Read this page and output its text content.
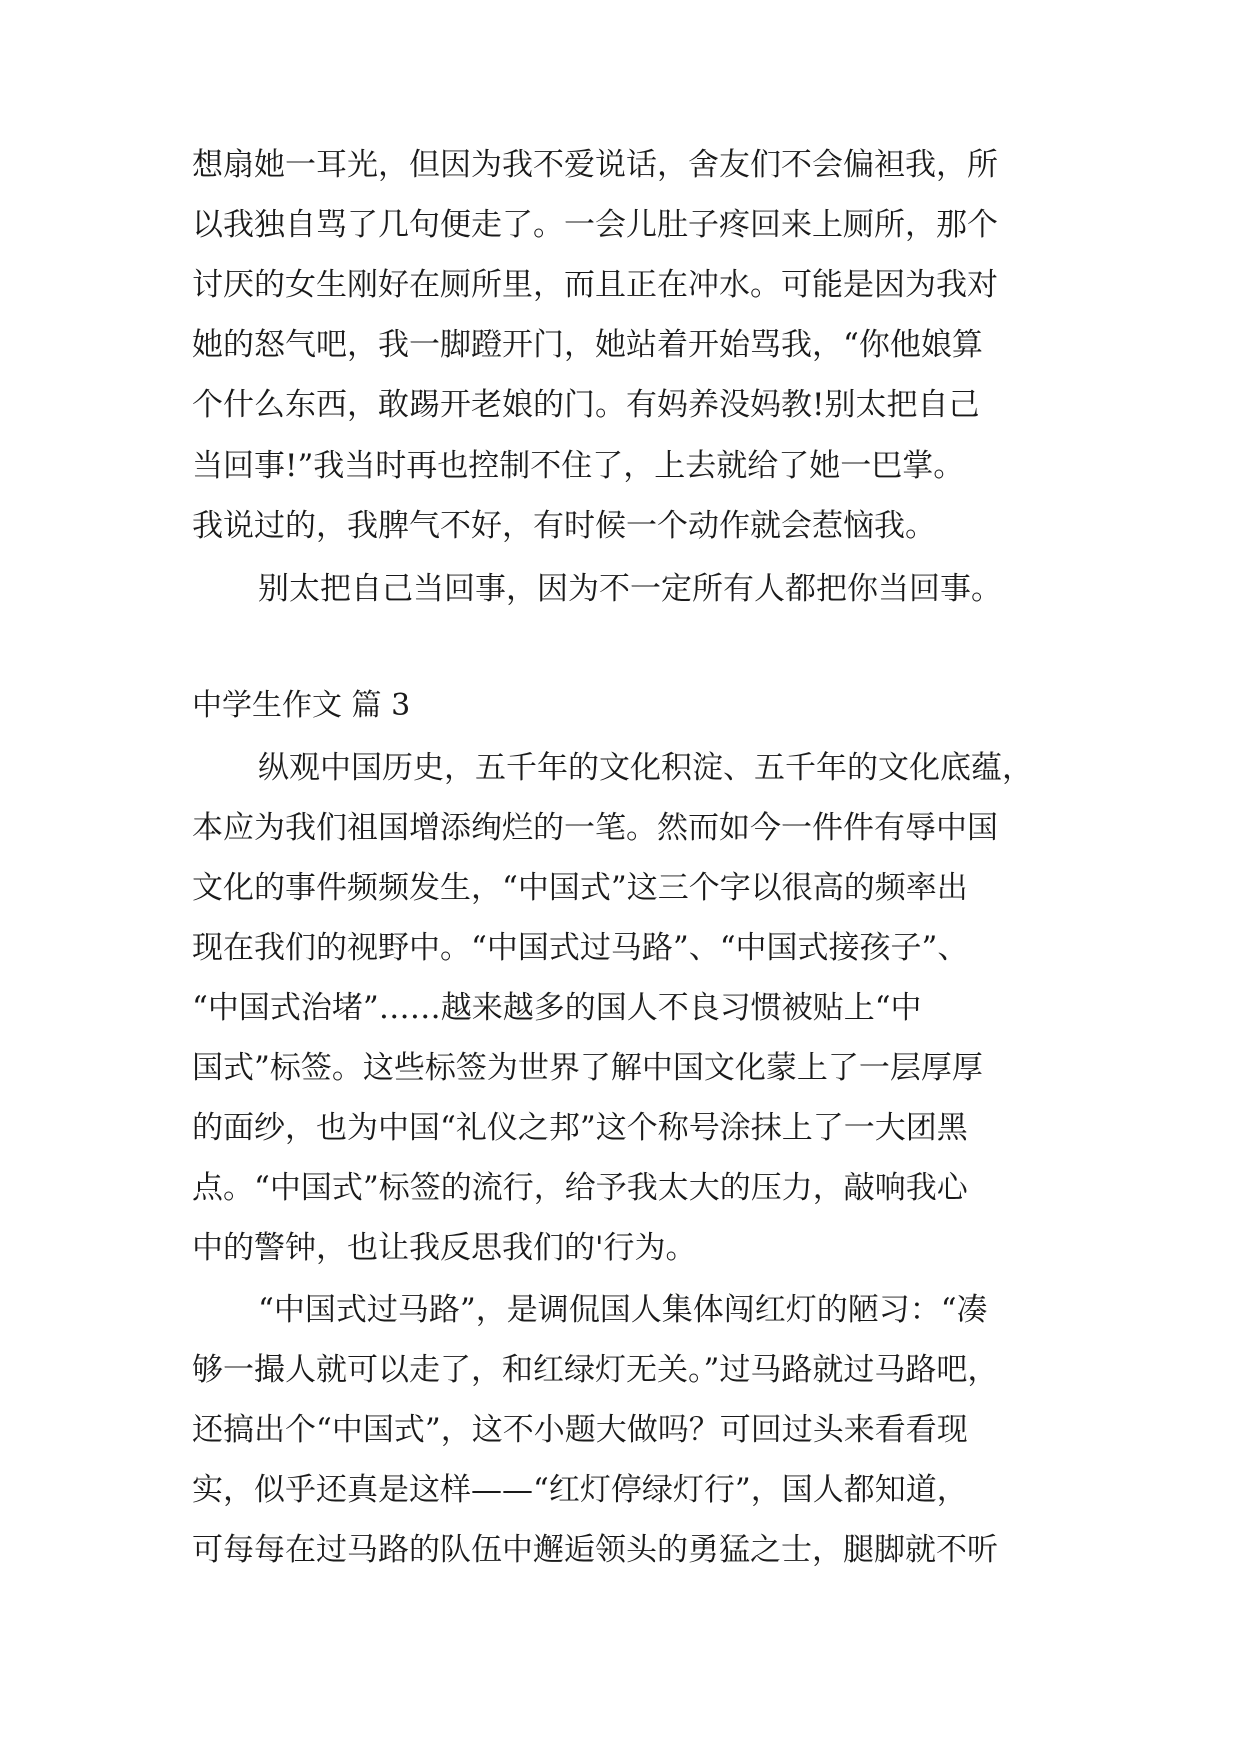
想扇她一耳光，但因为我不爱说话，舍友们不会偏袒我，所
以我独自骂了几句便走了。一会儿肚子疼回来上厕所，那个
讨厌的女生刚好在厕所里，而且正在冲水。可能是因为我对
她的怒气吧，我一脚蹬开门，她站着开始骂我，“你他娘算
个什么东西，敢踢开老娘的门。有妈养没妈教!别太把自己
当回事!”我当时再也控制不住了，上去就给了她一巴掌。
我说过的，我脾气不好，有时候一个动作就会惹恼我。
别太把自己当回事，因为不一定所有人都把你当回事。
中学生作文 篇 3
纵观中国历史，五千年的文化积淀、五千年的文化底蕴，
本应为我们祖国增添绚烂的一笔。然而如今一件件有辱中国
文化的事件频频发生，“中国式”这三个字以很高的频率出
现在我们的视野中。“中国式过马路”、“中国式接孩子”、
“中国式治堵”……越来越多的国人不良习惯被贴上“中
国式”标签。这些标签为世界了解中国文化蒙上了一层厚厚
的面纱，也为中国“礼仪之邦”这个称号涂抹上了一大团黑
点。“中国式”标签的流行，给予我太大的压力，敲响我心
中的警钟，也让我反思我们的'行为。
“中国式过马路”，是调侃国人集体闯红灯的陋习：“凑
够一撮人就可以走了，和红绿灯无关。”过马路就过马路吧，
还搞出个“中国式”，这不小题大做吗？可回过头来看看现
实，似乎还真是这样——“红灯停绿灯行”，国人都知道，
可每每在过马路的队伍中邂逅领头的勇猛之士，腿脚就不听
